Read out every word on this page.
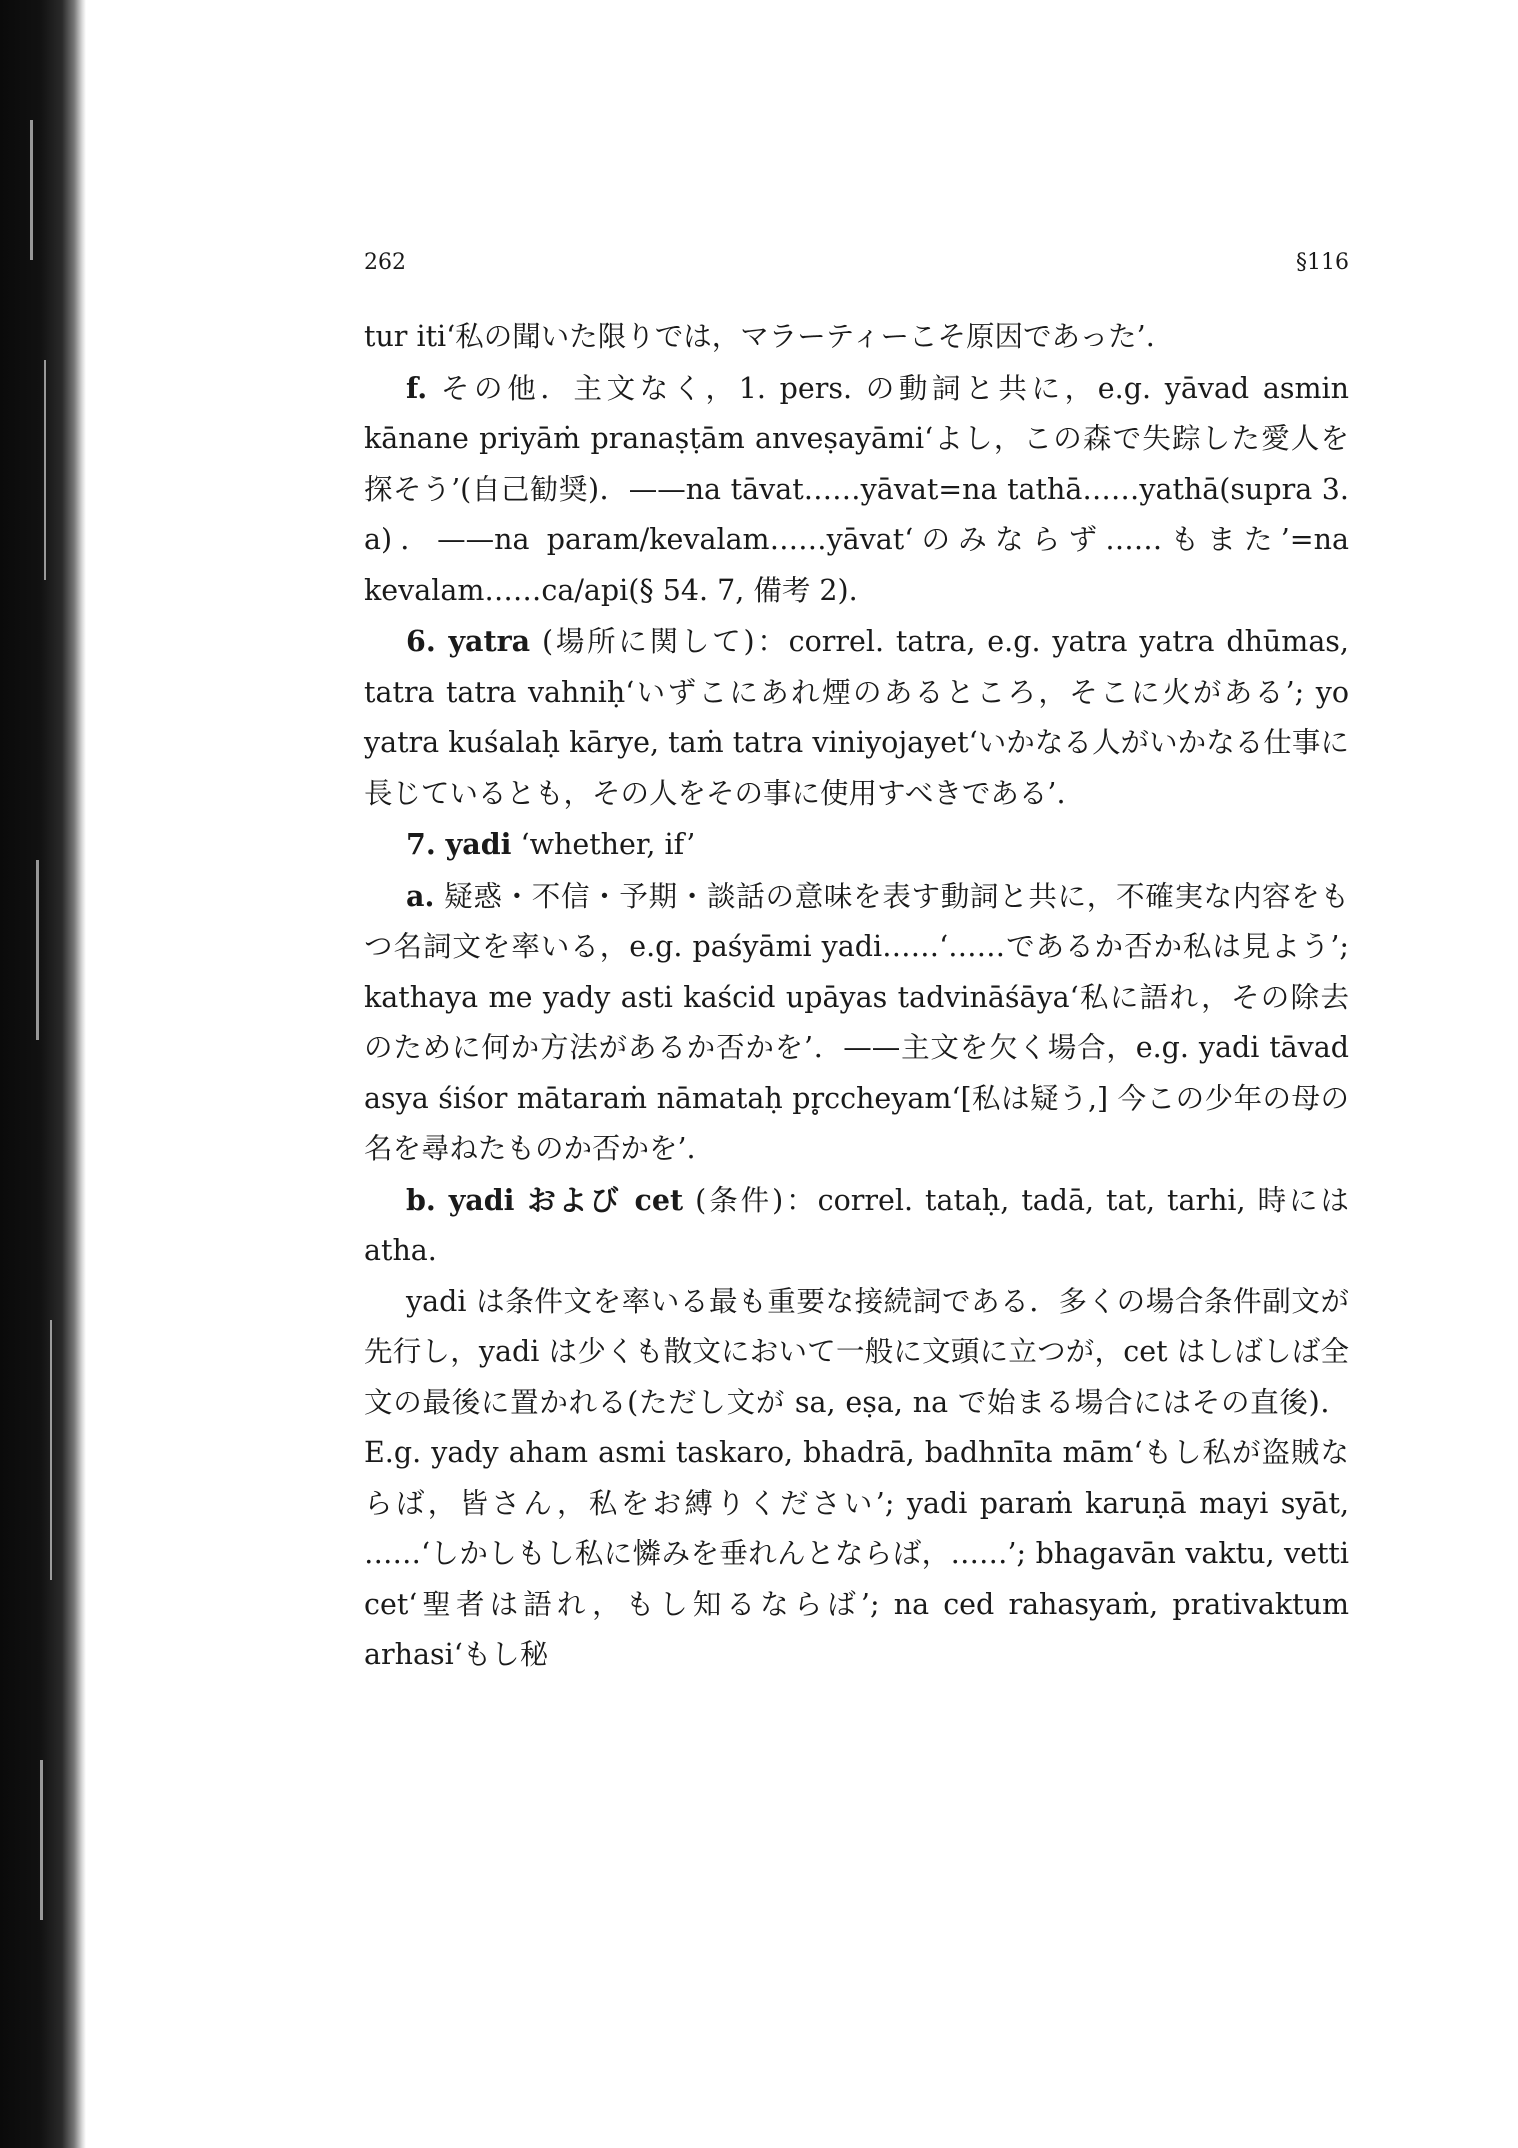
262	§116

tur iti‘私の聞いた限りでは，マラーティーこそ原因であった’.

f. その他．主文なく，1. pers. の動詞と共に，e.g. yāvad asmin kānane priyāṁ pranaṣṭām anveṣayāmi‘よし，この森で失踪した愛人を探そう’(自己勧奨)．——na tāvat……yāvat=na tathā……yathā(supra 3. a)．——na param/kevalam……yāvat‘のみならず……もまた’=na kevalam……ca/api(§ 54. 7, 備考 2).

6. yatra (場所に関して)：correl. tatra, e.g. yatra yatra dhūmas, tatra tatra vahniḥ‘いずこにあれ煙のあるところ，そこに火がある’; yo yatra kuśalaḥ kārye, taṁ tatra viniyojayet‘いかなる人がいかなる仕事に長じているとも，その人をその事に使用すべきである’.

7. yadi ‘whether, if’

a. 疑惑・不信・予期・談話の意味を表す動詞と共に，不確実な内容をもつ名詞文を率いる，e.g. paśyāmi yadi……‘……であるか否か私は見よう’; kathaya me yady asti kaścid upāyas tadvināśāya‘私に語れ，その除去のために何か方法があるか否かを’．——主文を欠く場合，e.g. yadi tāvad asya śiśor mātaraṁ nāmataḥ pr̥ccheyam‘[私は疑う,] 今この少年の母の名を尋ねたものか否かを’.

b. yadi および cet (条件)：correl. tataḥ, tadā, tat, tarhi, 時には atha.

yadi は条件文を率いる最も重要な接続詞である．多くの場合条件副文が先行し，yadi は少くも散文において一般に文頭に立つが，cet はしばしば全文の最後に置かれる(ただし文が sa, eṣa, na で始まる場合にはその直後)．E.g. yady aham asmi taskaro, bhadrā, badhnīta mām‘もし私が盗賊ならば，皆さん，私をお縛りください’; yadi paraṁ karuṇā mayi syāt, ……‘しかしもし私に憐みを垂れんとならば，……’; bhagavān vaktu, vetti cet‘聖者は語れ，もし知るならば’; na ced rahasyaṁ, prativaktum arhasi‘もし秘
